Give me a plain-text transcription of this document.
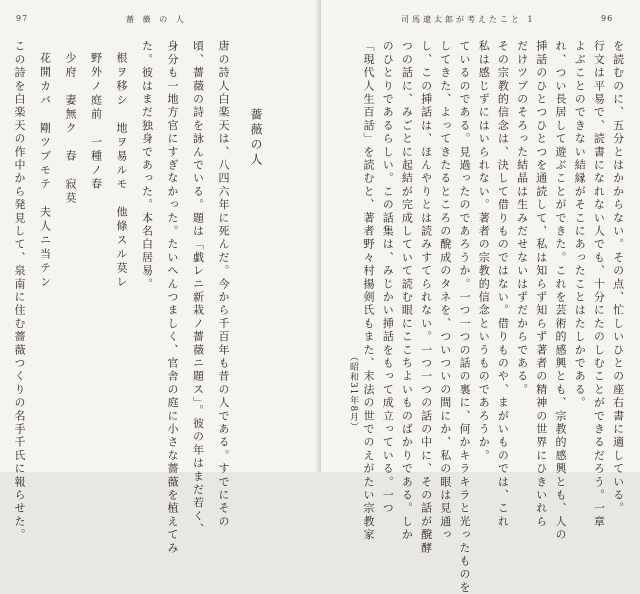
97	薔 薇 の 人
この詩を白楽天の作中から発見して、泉南に住む薔薇つくりの名手千氏に報らせた。 花開カバ　剛ツブモテ　夫人ニ当テン 少府　妻無ク　春　寂莫 野外ノ庭前　一種ノ春 根ヲ移シ　地ヲ易ルモ　他條スル莫レ た。彼はまだ独身であった。本名白居易。 身分も一地方官にすぎなかった。たいへんつましく、官舎の庭に小さな薔薇を植えてみ 頃、薔薇の詩を詠んでいる。題は「戯レニ新栽ノ薔薇ニ題ス」。彼の年はまだ若く、 唐の詩人白楽天は、八四六年に死んだ。今から千百年も昔の人である。すでにその 薔薇の人
司馬遼太郎が考えたこと 1	96
「現代人生百話」を読むと、著者野々村揚剣氏もまた、末法の世でのえがたい宗教家 のひとりであるらしい。この話集は、みじかい挿話をもって成立っている。一つ つの話に、みごとに起結が完成していて読む眼にここちよいものばかりである。しか し、この挿話は、ほんやりとは読みすてられない。一つ一つの話の中に、その話が醗酵 してきた、よってきたるところの醗成のタネを、ついついの間にか、私の眼は見通っ ているのである。見過ったのであろうか。一つ一つの話の裏に、何かキラキラと光ったものを 私は感じずにはいられない。著者の宗教的信念というものであろうか。 その宗教的信念は、決して借りものではない。借りものや、まがいものでは、これ だけツブのそろった結晶は生みだせないはずだからである。 挿話のひとつひとつを通読して、私は知らず知らず著者の精神の世界にひきいれら れ、つい長居して遊ぶことができた。これを芸術的感興とも、宗教的感興とも、人の よぶことのできない結縁がそこにあったことはたしかである。 行文は平易で、読書になれない人でも、十分にたのしむことができるだろう。一章 を読むのに、五分とはかからない。その点、忙しいひとの座右書に適している。
（昭和31年8月）
